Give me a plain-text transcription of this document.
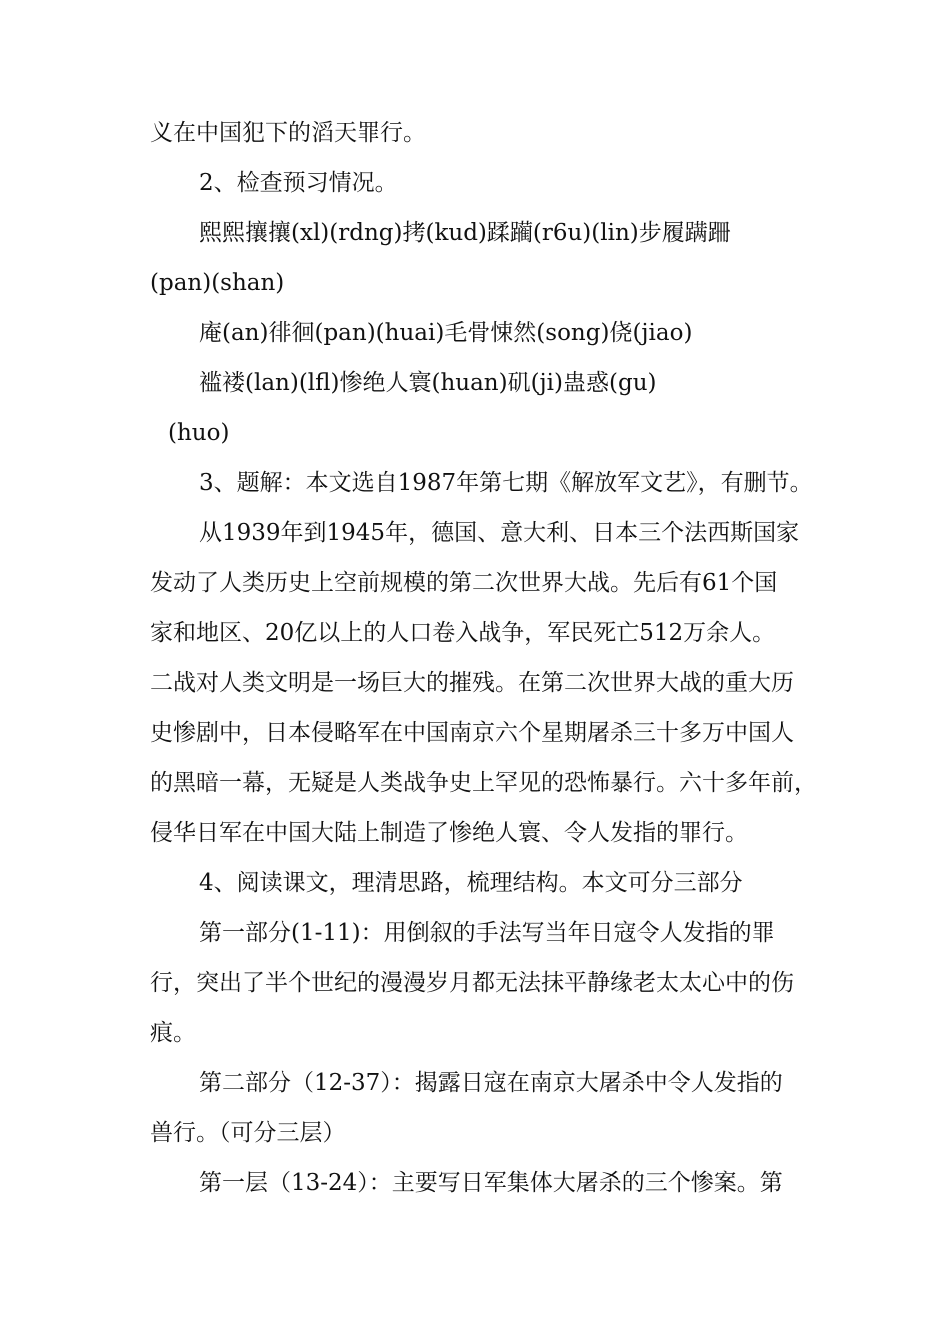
义在中国犯下的滔天罪行。
2、检查预习情况。
熙熙攘攘(xl)(rdng)拷(kud)蹂躏(r6u)(lin)步履蹒跚
(pan)(shan)
庵(an)徘徊(pan)(huai)毛骨悚然(song)侥(jiao)
褴褛(lan)(lfl)惨绝人寰(huan)矶(ji)蛊惑(gu)
(huo)
3、题解：本文选自1987年第七期《解放军文艺》，有删节。
从1939年到1945年，德国、意大利、日本三个法西斯国家
发动了人类历史上空前规模的第二次世界大战。先后有61个国
家和地区、20亿以上的人口卷入战争，军民死亡512万余人。
二战对人类文明是一场巨大的摧残。在第二次世界大战的重大历
史惨剧中，日本侵略军在中国南京六个星期屠杀三十多万中国人
的黑暗一幕，无疑是人类战争史上罕见的恐怖暴行。六十多年前，
侵华日军在中国大陆上制造了惨绝人寰、令人发指的罪行。
4、阅读课文，理清思路，梳理结构。本文可分三部分
第一部分(1-11)：用倒叙的手法写当年日寇令人发指的罪
行，突出了半个世纪的漫漫岁月都无法抹平静缘老太太心中的伤
痕。
第二部分（12-37）：揭露日寇在南京大屠杀中令人发指的
兽行。（可分三层）
第一层（13-24）：主要写日军集体大屠杀的三个惨案。第
